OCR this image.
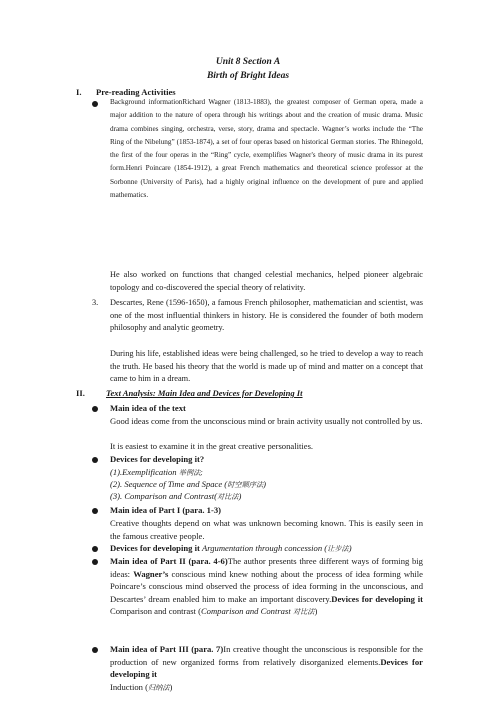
Unit 8 Section A
Birth of Bright Ideas
I. Pre-reading Activities
Background informationRichard Wagner (1813-1883), the greatest composer of German opera, made a major addition to the nature of opera through his writings about and the creation of music drama. Music drama combines singing, orchestra, verse, story, drama and spectacle. Wagner’s works include the “The Ring of the Nibelung” (1853-1874), a set of four operas based on historical German stories. The Rhinegold, the first of the four operas in the “Ring” cycle, exemplifies Wagner's theory of music drama in its purest form.Henri Poincare (1854-1912), a great French mathematics and theoretical science professor at the Sorbonne (University of Paris), had a highly original influence on the development of pure and applied mathematics.
He also worked on functions that changed celestial mechanics, helped pioneer algebraic topology and co-discovered the special theory of relativity.
3. Descartes, Rene (1596-1650), a famous French philosopher, mathematician and scientist, was one of the most influential thinkers in history. He is considered the founder of both modern philosophy and analytic geometry.
During his life, established ideas were being challenged, so he tried to develop a way to reach the truth. He based his theory that the world is made up of mind and matter on a concept that came to him in a dream.
II. Text Analysis: Main Idea and Devices for Developing It
Main idea of the text
Good ideas come from the unconscious mind or brain activity usually not controlled by us.
It is easiest to examine it in the great creative personalities.
Devices for developing it?
(1).Exemplification 举例法;
(2). Sequence of Time and Space (时空顺序法)
(3). Comparison and Contrast(对比法)
Main idea of Part I (para. 1-3)
Creative thoughts depend on what was unknown becoming known. This is easily seen in the famous creative people.
Devices for developing it Argumentation through concession (让步法)
Main idea of Part II (para. 4-6)The author presents three different ways of forming big ideas: Wagner’s conscious mind knew nothing about the process of idea forming while Poincare’s conscious mind observed the process of idea forming in the unconscious, and Descartes’ dream enabled him to make an important discovery.Devices for developing it Comparison and contrast (Comparison and Contrast 对比法)
Main idea of Part III (para. 7)In creative thought the unconscious is responsible for the production of new organized forms from relatively disorganized elements.Devices for developing it
Induction (归纳法)
